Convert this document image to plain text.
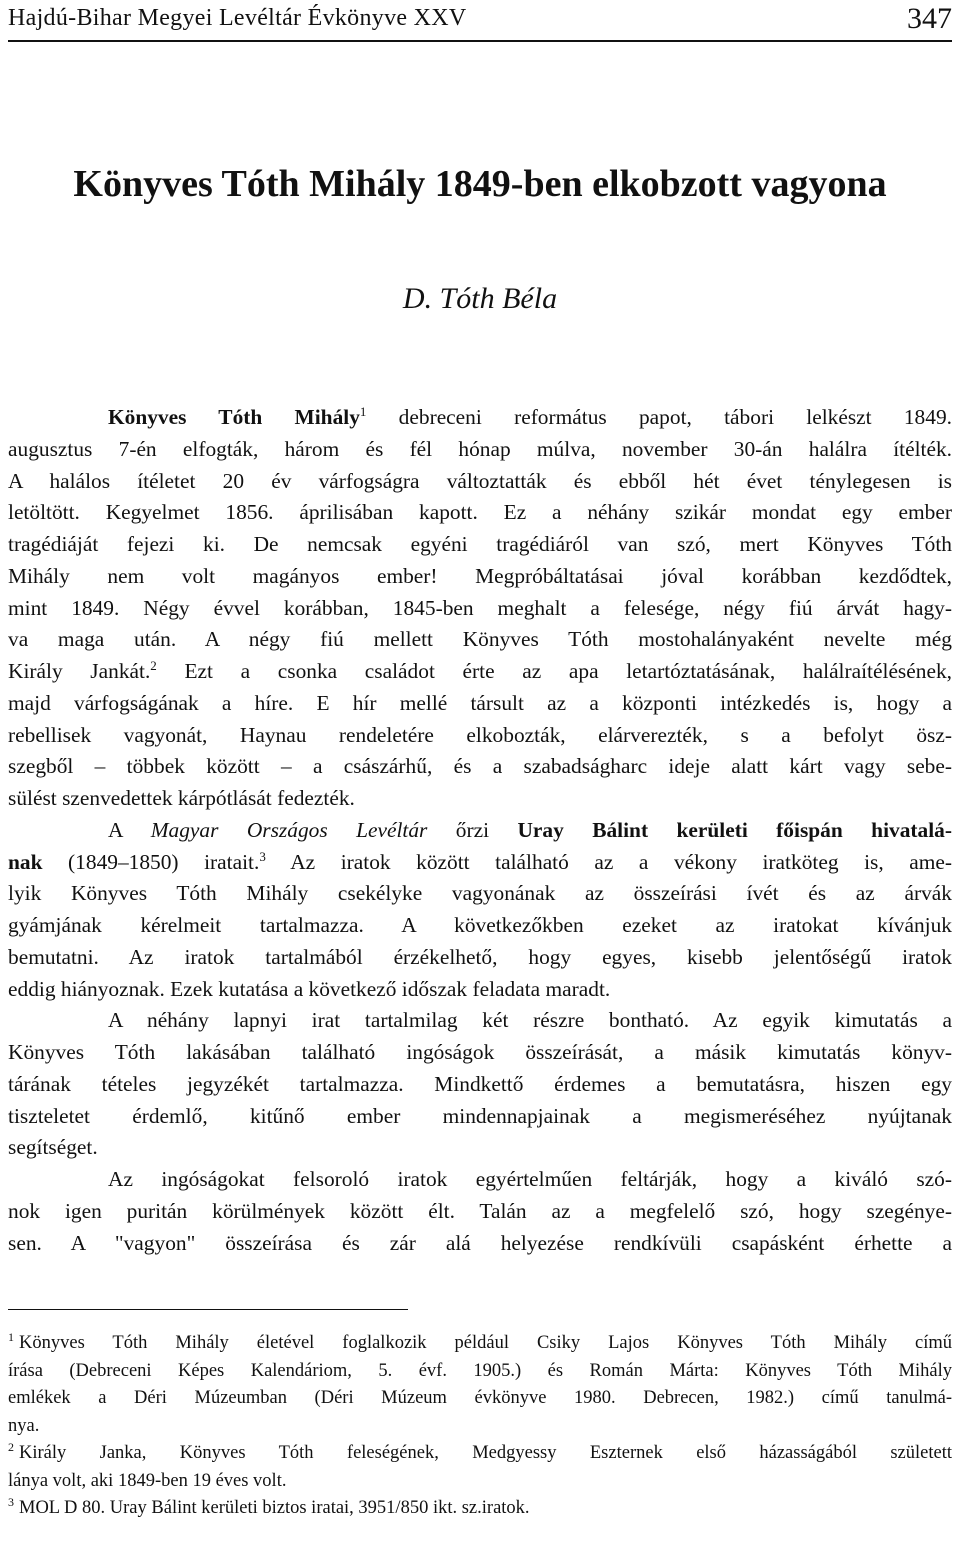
Hajdú-Bihar Megyei Levéltár Évkönyve XXV	347
Könyves Tóth Mihály 1849-ben elkobzott vagyona
D. Tóth Béla
Könyves Tóth Mihály$^1$ debreceni református papot, tábori lelkészt 1849.
augusztus 7-én elfogták, három és fél hónap múlva, november 30-án halálra ítélték.
A halálos ítéletet 20 év várfogságra változtatták és ebből hét évet ténylegesen is
letöltött. Kegyelmet 1856. áprilisában kapott. Ez a néhány szikár mondat egy ember
tragédiáját fejezi ki. De nemcsak egyéni tragédiáról van szó, mert Könyves Tóth
Mihály nem volt magányos ember! Megpróbáltatásai jóval korábban kezdődtek,
mint 1849. Négy évvel korábban, 1845-ben meghalt a felesége, négy fiú árvát hagy-
va maga után. A négy fiú mellett Könyves Tóth mostohalányaként nevelte még
Király Jankát.$^2$ Ezt a csonka családot érte az apa letartóztatásának, halálraítélésének,
majd várfogságának a híre. E hír mellé társult az a központi intézkedés is, hogy a
rebellisek vagyonát, Haynau rendeletére elkobozták, elárverezték, s a befolyt ösz-
szegből – többek között – a császárhű, és a szabadságharc ideje alatt kárt vagy sebe-
sülést szenvedettek kárpótlását fedezték.
A Magyar Országos Levéltár őrzi Uray Bálint kerületi főispán hivatalá-
nak (1849–1850) iratait.$^3$ Az iratok között található az a vékony iratköteg is, ame-
lyik Könyves Tóth Mihály csekélyke vagyonának az összeírási ívét és az árvák
gyámjának kérelmeit tartalmazza. A következőkben ezeket az iratokat kívánjuk
bemutatni. Az iratok tartalmából érzékelhető, hogy egyes, kisebb jelentőségű iratok
eddig hiányoznak. Ezek kutatása a következő időszak feladata maradt.
A néhány lapnyi irat tartalmilag két részre bontható. Az egyik kimutatás a
Könyves Tóth lakásában található ingóságok összeírását, a másik kimutatás könyv-
tárának tételes jegyzékét tartalmazza. Mindkettő érdemes a bemutatásra, hiszen egy
tiszteletet érdemlő, kitűnő ember mindennapjainak a megismeréséhez nyújtanak
segítséget.
Az ingóságokat felsoroló iratok egyértelműen feltárják, hogy a kiváló szó-
nok igen puritán körülmények között élt. Talán az a megfelelő szó, hogy szegénye-
sen. A "vagyon" összeírása és zár alá helyezése rendkívüli csapásként érhette a
$^1$ Könyves Tóth Mihály életével foglalkozik például Csiky Lajos Könyves Tóth Mihály című
írása (Debreceni Képes Kalendáriom, 5. évf. 1905.) és Román Márta: Könyves Tóth Mihály
emlékek a Déri Múzeumban (Déri Múzeum évkönyve 1980. Debrecen, 1982.) című tanulmá-
nya.
$^2$ Király Janka, Könyves Tóth feleségének, Medgyessy Eszternek első házasságából született
lánya volt, aki 1849-ben 19 éves volt.
$^3$ MOL D 80. Uray Bálint kerületi biztos iratai, 3951/850 ikt. sz.iratok.
